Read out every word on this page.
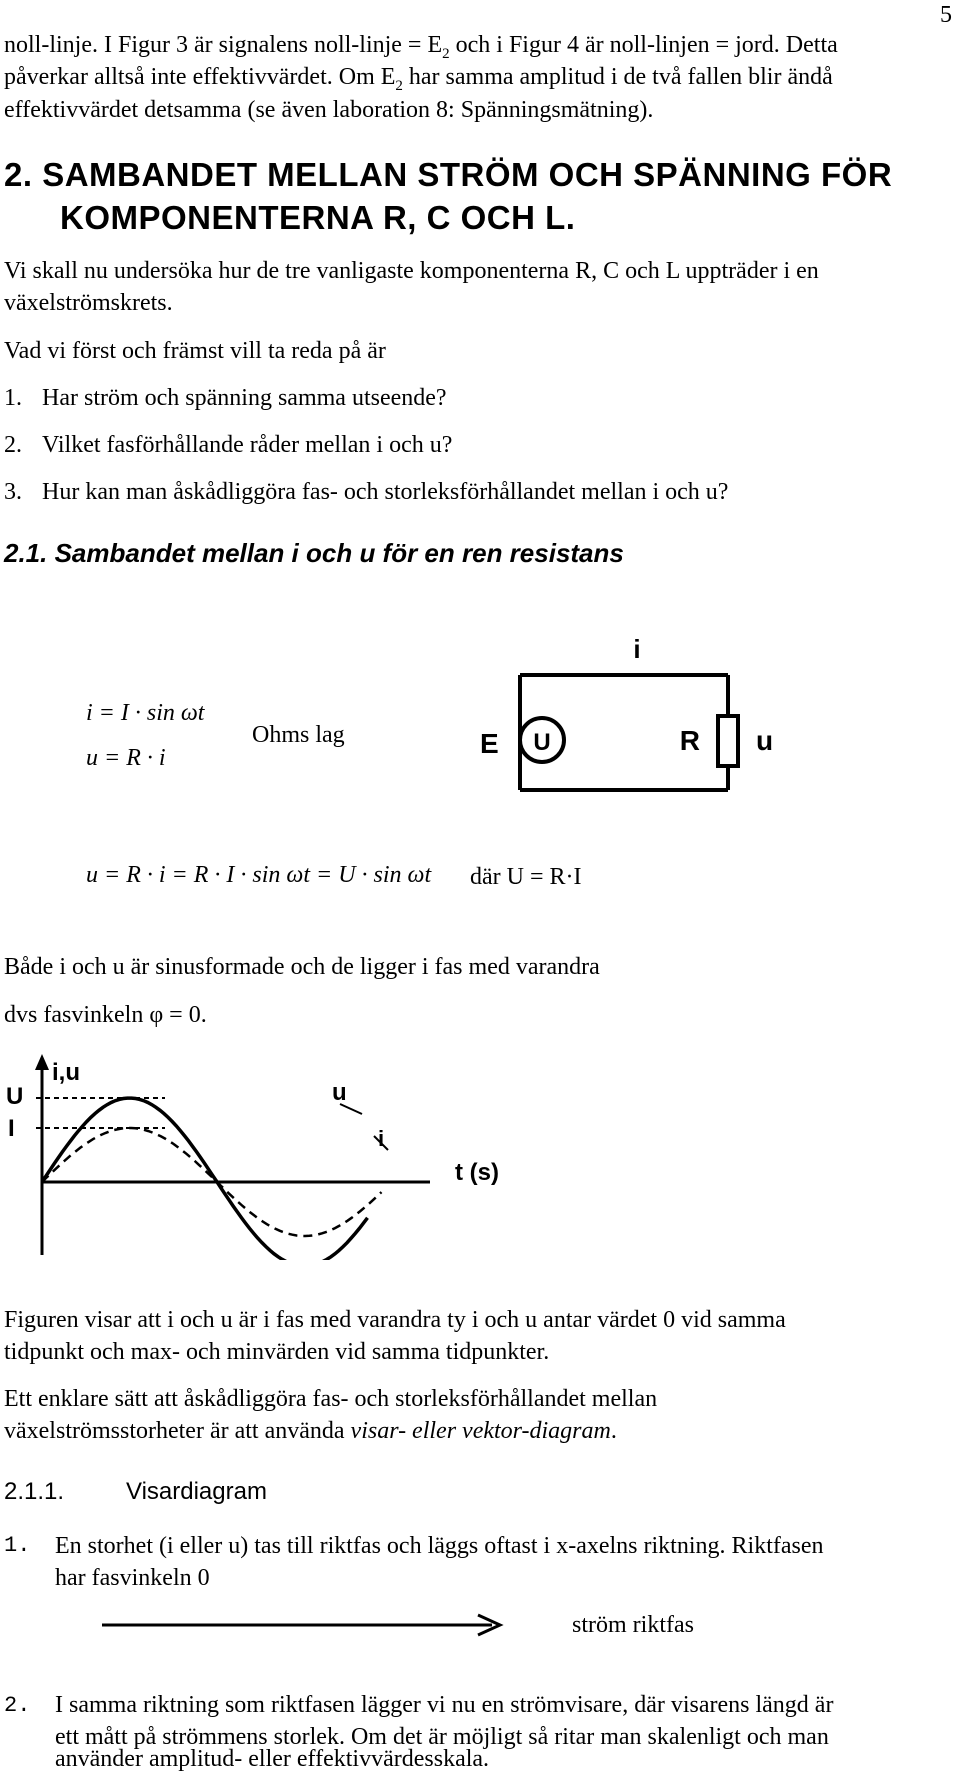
5
noll-linje. I Figur 3 är signalens noll-linje = $E_2$ och i Figur 4 är noll-linjen = jord. Detta
påverkar alltså inte effektivvärdet. Om $E_2$ har samma amplitud i de två fallen blir ändå
effektivvärdet detsamma (se även laboration 8: Spänningsmätning).
2. SAMBANDET MELLAN STRÖM OCH SPÄNNING FÖR
KOMPONENTERNA R, C OCH L.
Vi skall nu undersöka hur de tre vanligaste komponenterna R, C och L uppträder i en
växelströmskrets.
Vad vi först och främst vill ta reda på är
1. Har ström och spänning samma utseende?
2. Vilket fasförhållande råder mellan i och u?
3. Hur kan man åskådliggöra fas- och storleksförhållandet mellan i och u?
2.1. Sambandet mellan i och u för en ren resistans
i = I · sin ωt
u = R · i
Ohms lag
i
E U	R u
u = R · i = R · I · sin ωt = U · sin ωt där U = R·I
Både i och u är sinusformade och de ligger i fas med varandra
dvs fasvinkeln φ = 0.
i,u
U
I
u
i
t (s)
Figuren visar att i och u är i fas med varandra ty i och u antar värdet 0 vid samma
tidpunkt och max- och minvärden vid samma tidpunkter.
Ett enklare sätt att åskådliggöra fas- och storleksförhållandet mellan
växelströmsstorheter är att använda visar- eller vektor-diagram.
2.1.1.	Visardiagram
1. En storhet (i eller u) tas till riktfas och läggs oftast i x-axelns riktning. Riktfasen
har fasvinkeln 0
ström riktfas
2. I samma riktning som riktfasen lägger vi nu en strömvisare, där visarens längd är
ett mått på strömmens storlek. Om det är möjligt så ritar man skalenligt och man
använder amplitud- eller effektivvärdesskala.
